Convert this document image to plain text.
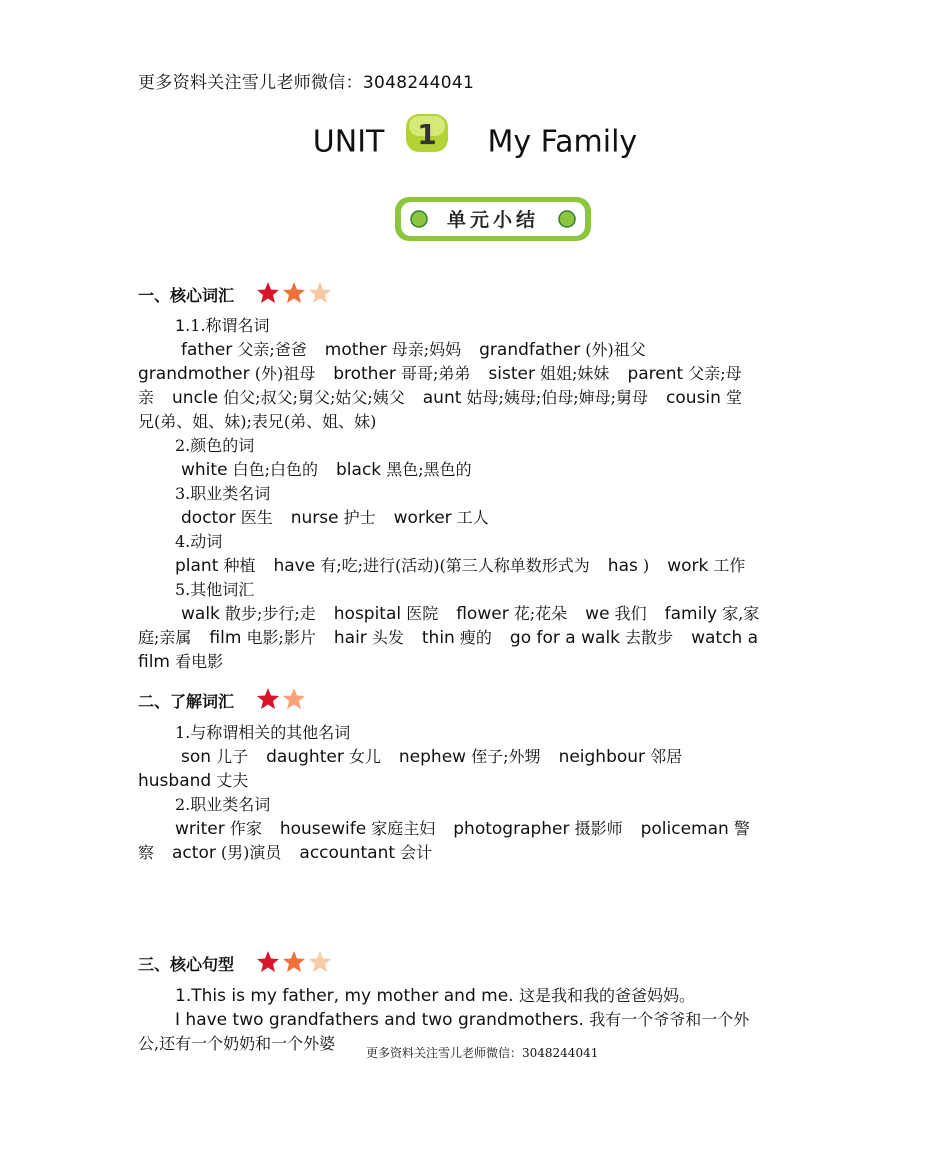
更多资料关注雪儿老师微信：3048244041
UNIT 1 My Family
单元小结
一、核心词汇
1.1.称谓名词
father 父亲;爸爸 mother 母亲;妈妈 grandfather (外)祖父
grandmother (外)祖母 brother 哥哥;弟弟 sister 姐姐;妹妹 parent 父亲;母
亲 uncle 伯父;叔父;舅父;姑父;姨父 aunt 姑母;姨母;伯母;婶母;舅母 cousin 堂
兄(弟、姐、妹);表兄(弟、姐、妹)
2.颜色的词
white 白色;白色的 black 黑色;黑色的
3.职业类名词
doctor 医生 nurse 护士 worker 工人
4.动词
plant 种植 have 有;吃;进行(活动)(第三人称单数形式为 has ) work 工作
5.其他词汇
walk 散步;步行;走 hospital 医院 flower 花;花朵 we 我们 family 家,家
庭;亲属 film 电影;影片 hair 头发 thin 瘦的 go for a walk 去散步 watch a
film 看电影
二、了解词汇
1.与称谓相关的其他名词
son 儿子 daughter 女儿 nephew 侄子;外甥 neighbour 邻居
husband 丈夫
2.职业类名词
writer 作家 housewife 家庭主妇 photographer 摄影师 policeman 警
察 actor (男)演员 accountant 会计
三、核心句型
1.This is my father, my mother and me. 这是我和我的爸爸妈妈。
I have two grandfathers and two grandmothers. 我有一个爷爷和一个外
公,还有一个奶奶和一个外婆	更多资料关注雪儿老师微信：3048244041
